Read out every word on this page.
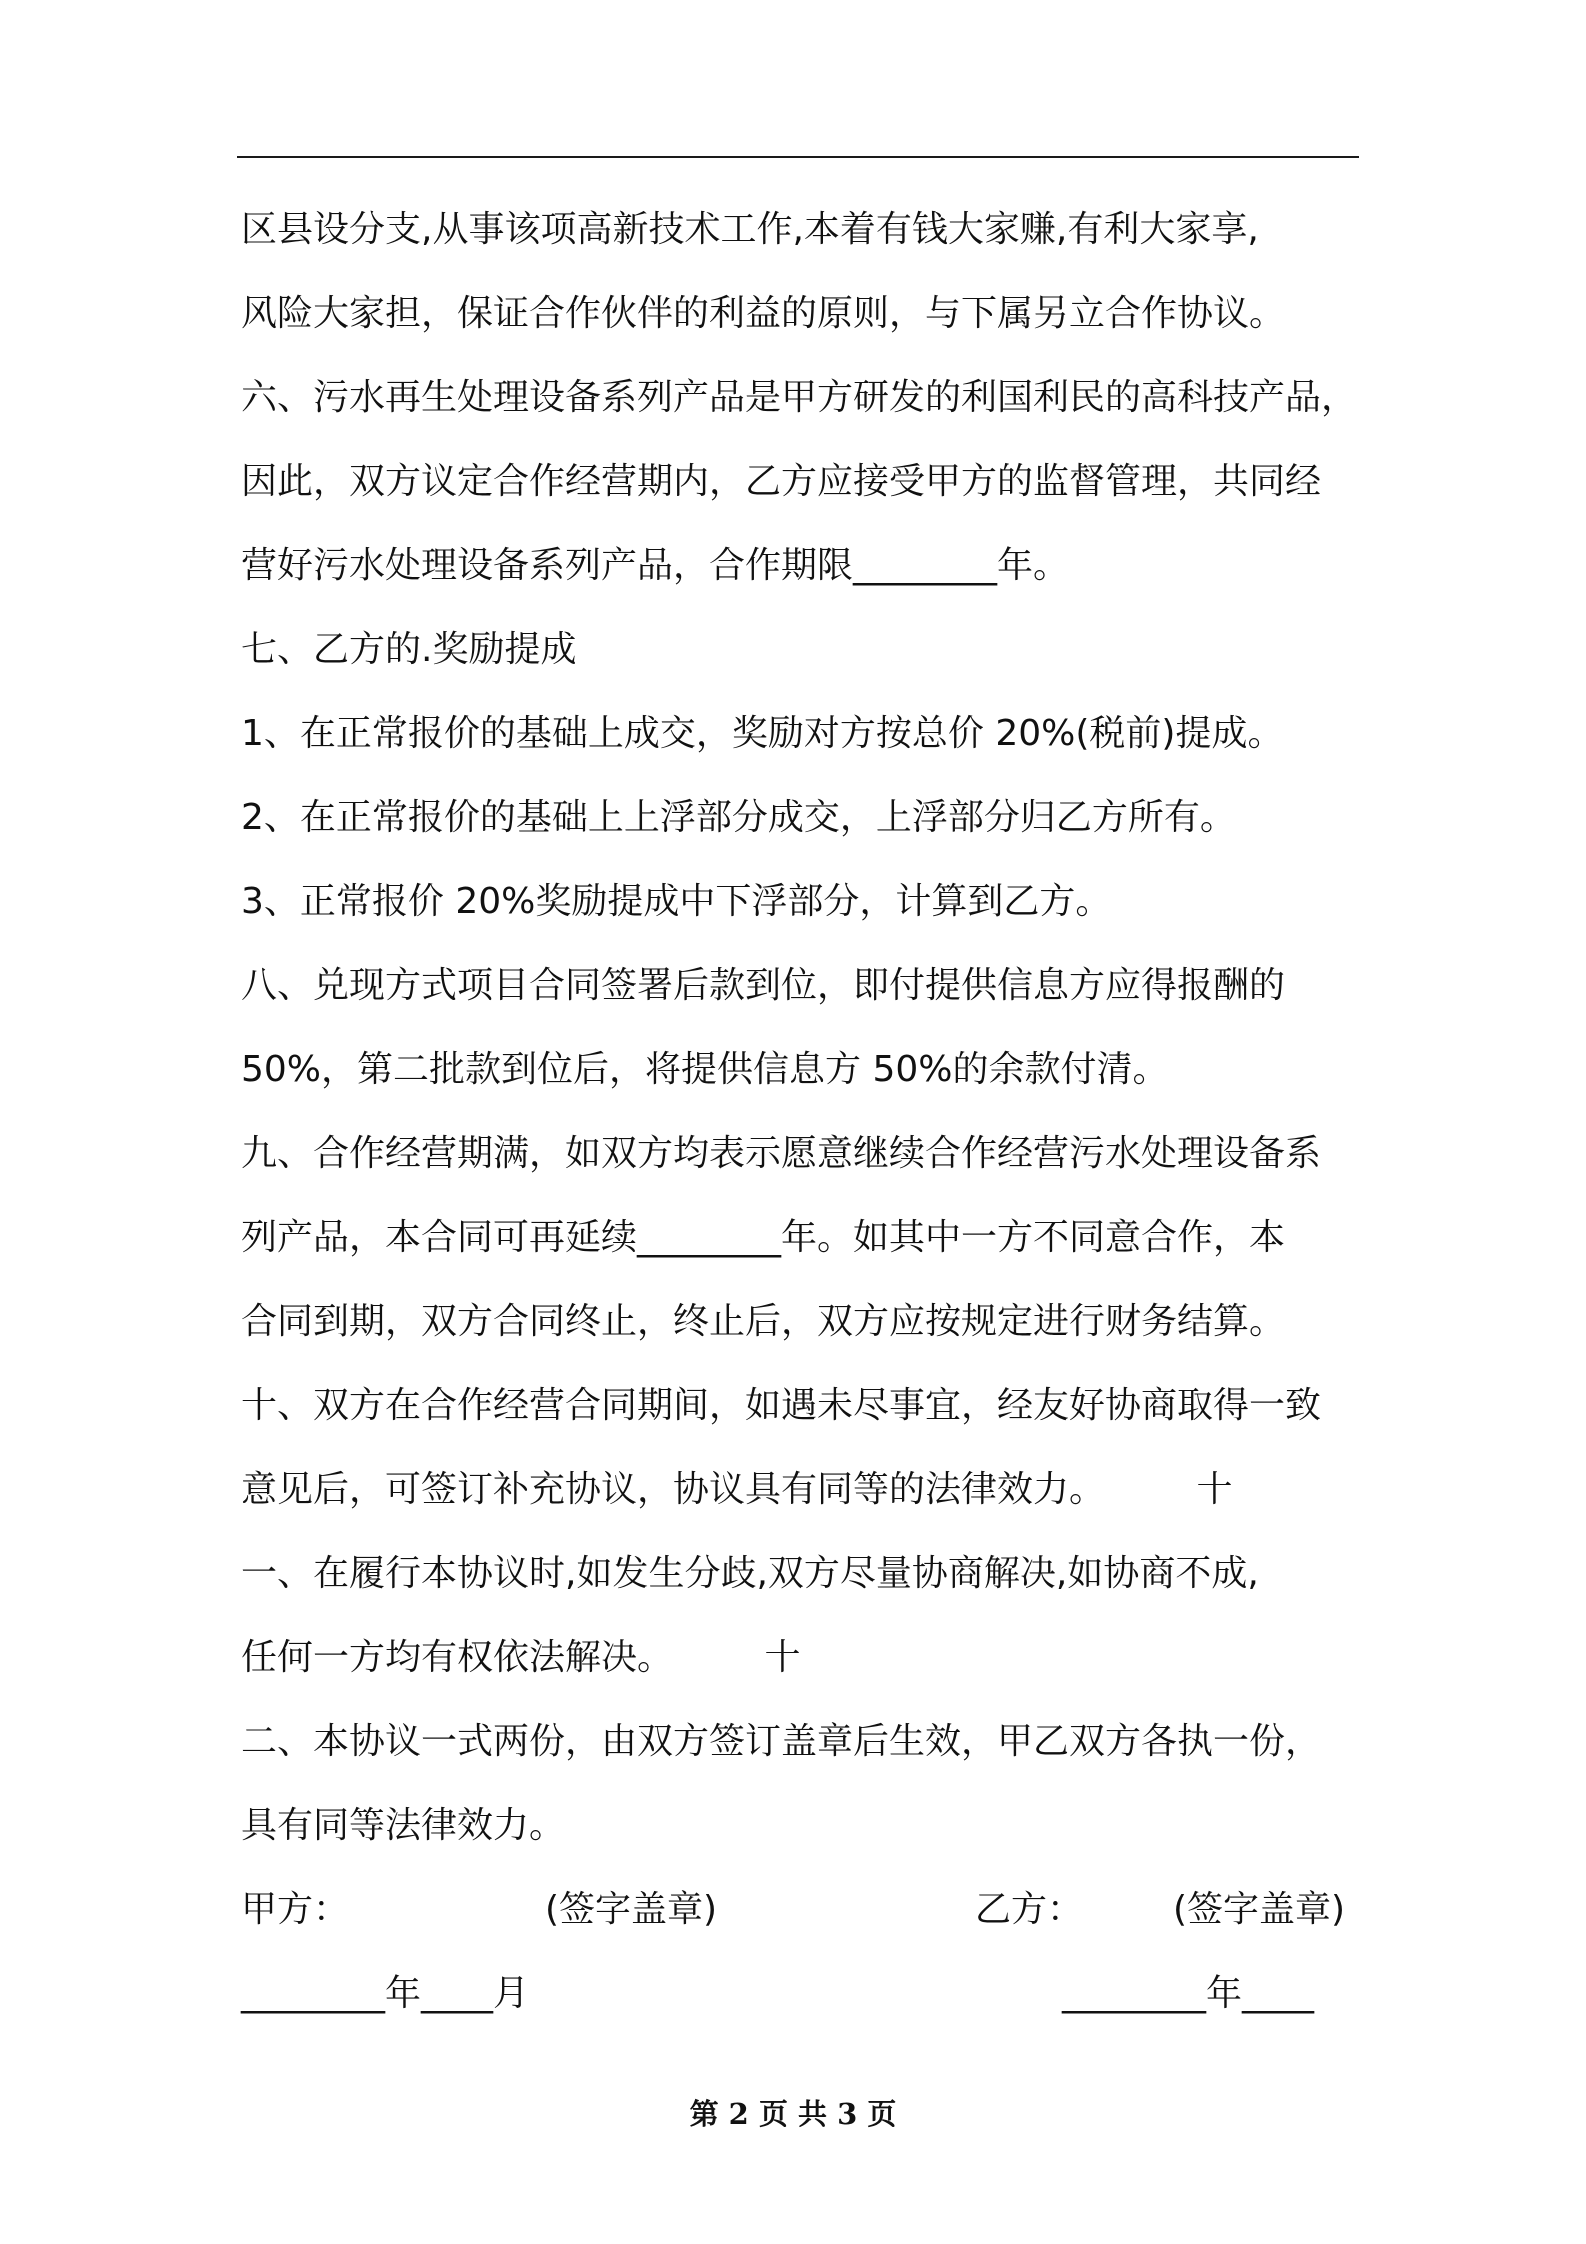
区县设分支,从事该项高新技术工作,本着有钱大家赚,有利大家享,
风险大家担，保证合作伙伴的利益的原则，与下属另立合作协议。
六、污水再生处理设备系列产品是甲方研发的利国利民的高科技产品，
因此，双方议定合作经营期内，乙方应接受甲方的监督管理，共同经
营好污水处理设备系列产品，合作期限________年。
七、乙方的.奖励提成
1、在正常报价的基础上成交，奖励对方按总价 20%(税前)提成。
2、在正常报价的基础上上浮部分成交，上浮部分归乙方所有。
3、正常报价 20%奖励提成中下浮部分，计算到乙方。
八、兑现方式项目合同签署后款到位，即付提供信息方应得报酬的
50%，第二批款到位后，将提供信息方 50%的余款付清。
九、合作经营期满，如双方均表示愿意继续合作经营污水处理设备系
列产品，本合同可再延续________年。如其中一方不同意合作，本
合同到期，双方合同终止，终止后，双方应按规定进行财务结算。
十、双方在合作经营合同期间，如遇未尽事宜，经友好协商取得一致
意见后，可签订补充协议，协议具有同等的法律效力。        十
一、在履行本协议时,如发生分歧,双方尽量协商解决,如协商不成,
任何一方均有权依法解决。        十
二、本协议一式两份，由双方签订盖章后生效，甲乙双方各执一份，
具有同等法律效力。
甲方：	(签字盖章)	乙方： (签字盖章)
________年____月	________年____
第 2 页 共 3 页
